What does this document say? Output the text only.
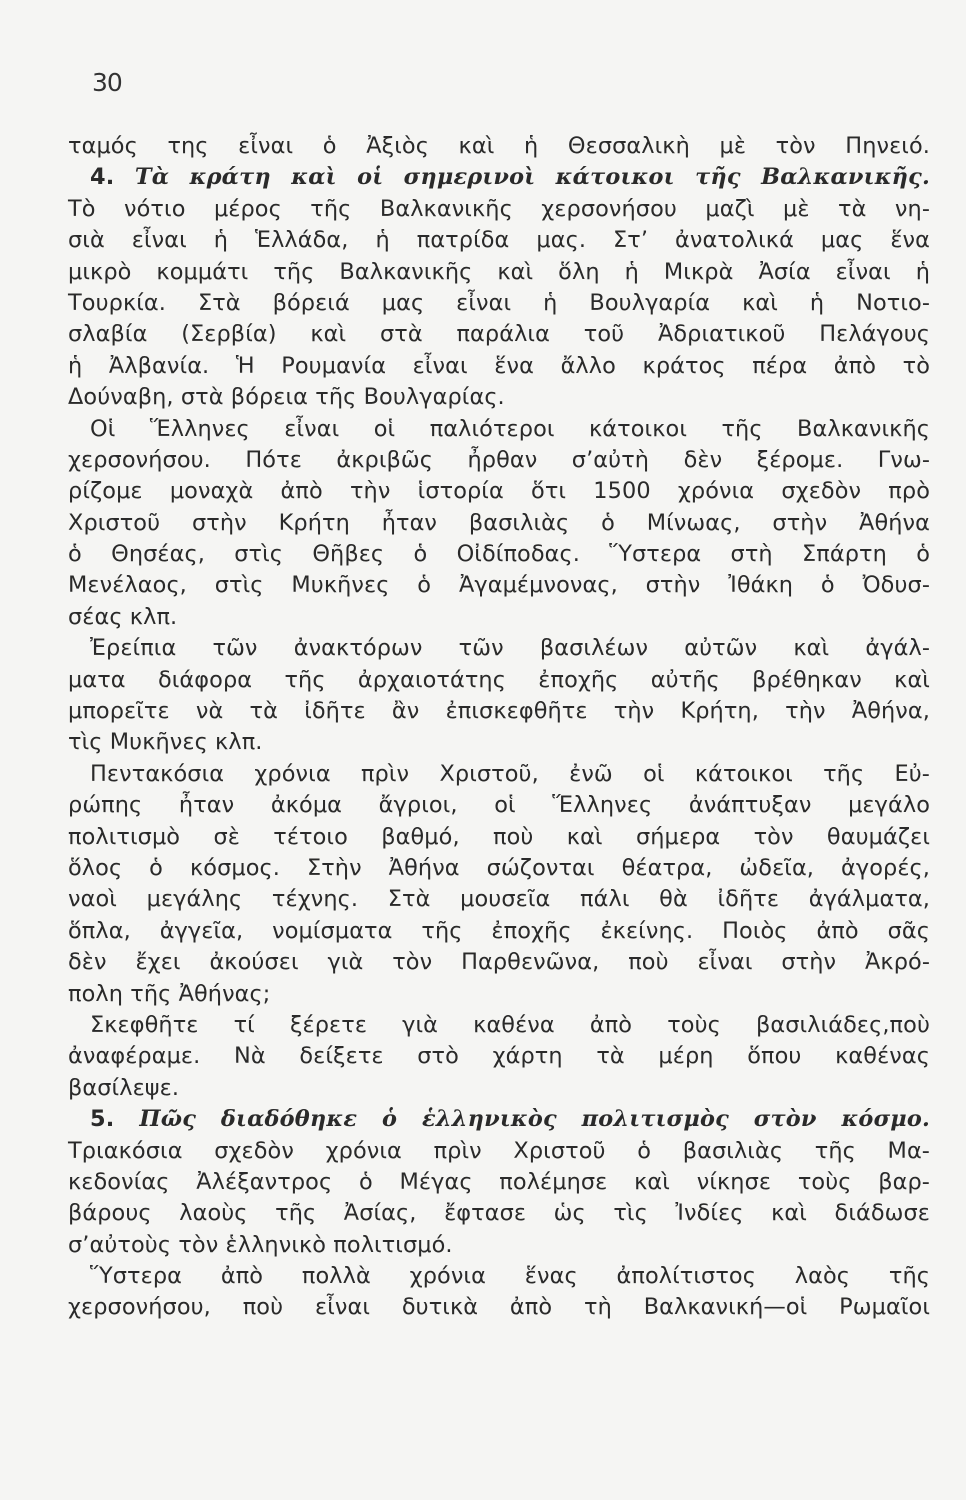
30
ταμός της εἶναι ὁ Ἀξιὸς καὶ ἡ Θεσσαλικὴ μὲ τὸν Πηνειό.
4. Τὰ κράτη καὶ οἱ σημερινοὶ κάτοικοι τῆς Βαλκανικῆς.
Τὸ νότιο μέρος τῆς Βαλκανικῆς χερσονήσου μαζὶ μὲ τὰ νη-
σιὰ εἶναι ἡ Ἑλλάδα, ἡ πατρίδα μας. Στ’ ἀνατολικά μας ἕνα
μικρὸ κομμάτι τῆς Βαλκανικῆς καὶ ὅλη ἡ Μικρὰ Ἀσία εἶναι ἡ
Τουρκία. Στὰ βόρειά μας εἶναι ἡ Βουλγαρία καὶ ἡ Νοτιο-
σλαβία (Σερβία) καὶ στὰ παράλια τοῦ Ἀδριατικοῦ Πελάγους
ἡ Ἀλβανία. Ἡ Ρουμανία εἶναι ἕνα ἄλλο κράτος πέρα ἀπὸ τὸ
Δούναβη, στὰ βόρεια τῆς Βουλγαρίας.
Οἱ Ἕλληνες εἶναι οἱ παλιότεροι κάτοικοι τῆς Βαλκανικῆς
χερσονήσου. Πότε ἀκριβῶς ἦρθαν σ’αὐτὴ δὲν ξέρομε. Γνω-
ρίζομε μοναχὰ ἀπὸ τὴν ἱστορία ὅτι 1500 χρόνια σχεδὸν πρὸ
Χριστοῦ στὴν Κρήτη ἦταν βασιλιὰς ὁ Μίνωας, στὴν Ἀθήνα
ὁ Θησέας, στὶς Θῆβες ὁ Οἰδίποδας. Ὕστερα στὴ Σπάρτη ὁ
Μενέλαος, στὶς Μυκῆνες ὁ Ἀγαμέμνονας, στὴν Ἰθάκη ὁ Ὀδυσ-
σέας κλπ.
Ἐρείπια τῶν ἀνακτόρων τῶν βασιλέων αὐτῶν καὶ ἀγάλ-
ματα διάφορα τῆς ἀρχαιοτάτης ἐποχῆς αὐτῆς βρέθηκαν καὶ
μπορεῖτε νὰ τὰ ἰδῆτε ἂν ἐπισκεφθῆτε τὴν Κρήτη, τὴν Ἀθήνα,
τὶς Μυκῆνες κλπ.
Πεντακόσια χρόνια πρὶν Χριστοῦ, ἐνῶ οἱ κάτοικοι τῆς Εὐ-
ρώπης ἦταν ἀκόμα ἄγριοι, οἱ Ἕλληνες ἀνάπτυξαν μεγάλο
πολιτισμὸ σὲ τέτοιο βαθμό, ποὺ καὶ σήμερα τὸν θαυμάζει
ὅλος ὁ κόσμος. Στὴν Ἀθήνα σώζονται θέατρα, ὠδεῖα, ἀγορές,
ναοὶ μεγάλης τέχνης. Στὰ μουσεῖα πάλι θὰ ἰδῆτε ἀγάλματα,
ὅπλα, ἀγγεῖα, νομίσματα τῆς ἐποχῆς ἐκείνης. Ποιὸς ἀπὸ σᾶς
δὲν ἔχει ἀκούσει γιὰ τὸν Παρθενῶνα, ποὺ εἶναι στὴν Ἀκρό-
πολη τῆς Ἀθήνας;
Σκεφθῆτε τί ξέρετε γιὰ καθένα ἀπὸ τοὺς βασιλιάδες,ποὺ
ἀναφέραμε. Νὰ δείξετε στὸ χάρτη τὰ μέρη ὅπου καθένας
βασίλεψε.
5. Πῶς διαδόθηκε ὁ ἑλληνικὸς πολιτισμὸς στὸν κόσμο.
Τριακόσια σχεδὸν χρόνια πρὶν Χριστοῦ ὁ βασιλιὰς τῆς Μα-
κεδονίας Ἀλέξαντρος ὁ Μέγας πολέμησε καὶ νίκησε τοὺς βαρ-
βάρους λαοὺς τῆς Ἀσίας, ἔφτασε ὡς τὶς Ἰνδίες καὶ διάδωσε
σ’αὐτοὺς τὸν ἑλληνικὸ πολιτισμό.
Ὕστερα ἀπὸ πολλὰ χρόνια ἕνας ἀπολίτιστος λαὸς τῆς
χερσονήσου, ποὺ εἶναι δυτικὰ ἀπὸ τὴ Βαλκανική—οἱ Ρωμαῖοι
